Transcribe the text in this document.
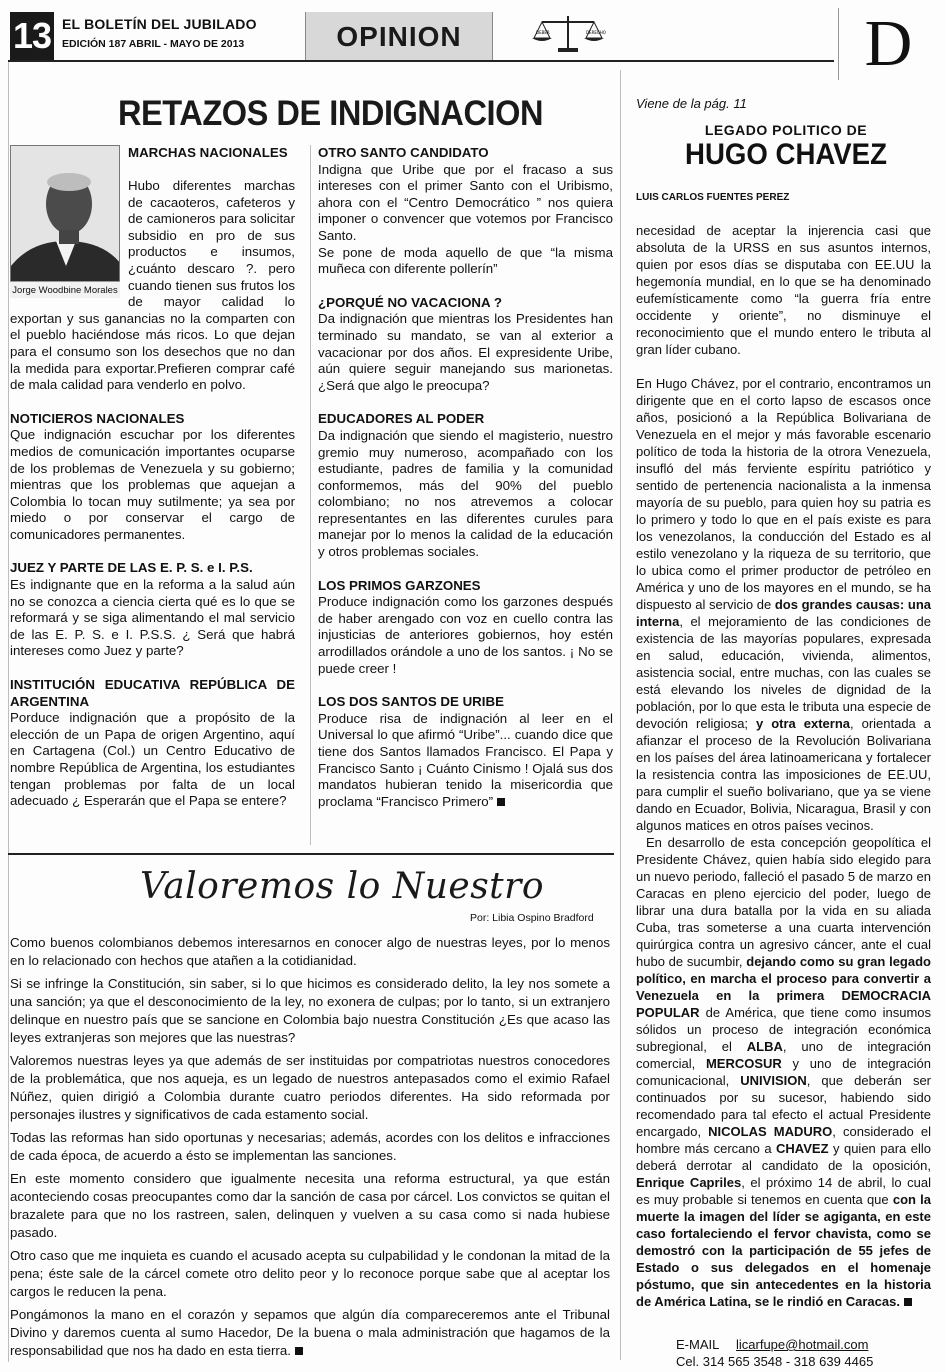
13 EL BOLETÍN DEL JUBILADO
EDICIÓN 187 ABRIL - MAYO DE 2013	OPINION	DEBER	DERECHO	D
RETAZOS DE INDIGNACION
Jorge Woodbine Morales
MARCHAS NACIONALES

Hubo diferentes marchas de cacaoteros, cafeteros y de camioneros para solicitar subsidio en pro de sus productos e insumos, ¿cuánto descaro ?. pero cuando tienen sus frutos los de mayor calidad lo exportan y sus ganancias no la comparten con el pueblo haciéndose más ricos. Lo que dejan para el consumo son los desechos que no dan la medida para exportar.Prefieren comprar café de mala calidad para venderlo en polvo.

NOTICIEROS NACIONALES

Que indignación escuchar por los diferentes medios de comunicación importantes ocuparse de los problemas de Venezuela y su gobierno; mientras que los problemas que aquejan a Colombia lo tocan muy sutilmente; ya sea por miedo o por conservar el cargo de comunicadores permanentes.

JUEZ Y PARTE DE LAS E. P. S. e I. P.S.

Es indignante que en la reforma a la salud aún no se conozca a ciencia cierta qué es lo que se reformará y se siga alimentando el mal servicio de las E. P. S. e I. P.S.S. ¿ Será que habrá intereses como Juez y parte?

INSTITUCIÓN EDUCATIVA REPÚBLICA DE ARGENTINA

Porduce indignación que a propósito de la elección de un Papa de origen Argentino, aquí en Cartagena (Col.) un Centro Educativo de nombre República de Argentina, los estudiantes tengan problemas por falta de un local adecuado ¿ Esperarán que el Papa se entere?

OTRO SANTO CANDIDATO

Indigna que Uribe que por el fracaso a sus intereses con el primer Santo con el Uribismo, ahora con el “Centro Democrático ” nos quiera imponer o convencer que votemos por Francisco Santo.

Se pone de moda aquello de que “la misma muñeca con diferente pollerín”

¿PORQUÉ NO VACACIONA ?

Da indignación que mientras los Presidentes han terminado su mandato, se van al exterior a vacacionar por dos años. El expresidente Uribe, aún quiere seguir manejando sus marionetas. ¿Será que algo le preocupa?

EDUCADORES AL PODER

Da indignación que siendo el magisterio, nuestro gremio muy numeroso, acompañado con los estudiante, padres de familia y la comunidad conformemos, más del 90% del pueblo colombiano; no nos atrevemos a colocar representantes en las diferentes curules para manejar por lo menos la calidad de la educación y otros problemas sociales.

LOS PRIMOS GARZONES

Produce indignación como los garzones después de haber arengado con voz en cuello contra las injusticias de anteriores gobiernos, hoy estén arrodillados orándole a uno de los santos. ¡ No se puede creer !

LOS DOS SANTOS DE URIBE

Produce risa de indignación al leer en el Universal lo que afirmó “Uribe”... cuando dice que tiene dos Santos llamados Francisco. El Papa y Francisco Santo ¡ Cuánto Cinismo ! Ojalá sus dos mandatos hubieran tenido la misericordia que proclama “Francisco Primero”

Valoremos lo Nuestro
Por: Libia Ospino Bradford

Como buenos colombianos debemos interesarnos en conocer algo de nuestras leyes, por lo menos en lo relacionado con hechos que atañen a la cotidianidad.

Si se infringe la Constitución, sin saber, si lo que hicimos es considerado delito, la ley nos somete a una sanción; ya que el desconocimiento de la ley, no exonera de culpas; por lo tanto, si un extranjero delinque en nuestro país que se sancione en Colombia bajo nuestra Constitución ¿Es que acaso las leyes extranjeras son mejores que las nuestras?

Valoremos nuestras leyes ya que además de ser instituidas por compatriotas nuestros conocedores de la problemática, que nos aqueja, es un legado de nuestros antepasados como el eximio Rafael Núñez, quien dirigió a Colombia durante cuatro periodos diferentes. Ha sido reformada por personajes ilustres y significativos de cada estamento social.

Todas las reformas han sido oportunas y necesarias; además, acordes con los delitos e infracciones de cada época, de acuerdo a ésto se implementan las sanciones.

En este momento considero que igualmente necesita una reforma estructural, ya que están aconteciendo cosas preocupantes como dar la sanción de casa por cárcel. Los convictos se quitan el brazalete para que no los rastreen, salen, delinquen y vuelven a su casa como si nada hubiese pasado.

Otro caso que me inquieta es cuando el acusado acepta su culpabilidad y le condonan la mitad de la pena; éste sale de la cárcel comete otro delito peor y lo reconoce porque sabe que al aceptar los cargos le reducen la pena.

Pongámonos la mano en el corazón y sepamos que algún día compareceremos ante el Tribunal Divino y daremos cuenta al sumo Hacedor, De la buena o mala administración que hagamos de la responsabilidad que nos ha dado en esta tierra.

Viene de la pág. 11
LEGADO POLITICO DE
HUGO CHAVEZ
LUIS CARLOS FUENTES PEREZ

necesidad de aceptar la injerencia casi que absoluta de la URSS en sus asuntos internos, quien por esos días se disputaba con EE.UU la hegemonía mundial, en lo que se ha denominado eufemísticamente como “la guerra fría entre occidente y oriente”, no disminuye el reconocimiento que el mundo entero le tributa al gran líder cubano.

En Hugo Chávez, por el contrario, encontramos un dirigente que en el corto lapso de escasos once años, posicionó a la República Bolivariana de Venezuela en el mejor y más favorable escenario político de toda la historia de la otrora Venezuela, insufló del más ferviente espíritu patriótico y sentido de pertenencia nacionalista a la inmensa mayoría de su pueblo, para quien hoy su patria es lo primero y todo lo que en el país existe es para los venezolanos, la conducción del Estado es al estilo venezolano y la riqueza de su territorio, que lo ubica como el primer productor de petróleo en América y uno de los mayores en el mundo, se ha dispuesto al servicio de dos grandes causas: una interna, el mejoramiento de las condiciones de existencia de las mayorías populares, expresada en salud, educación, vivienda, alimentos, asistencia social, entre muchas, con las cuales se está elevando los niveles de dignidad de la población, por lo que esta le tributa una especie de devoción religiosa; y otra externa, orientada a afianzar el proceso de la Revolución Bolivariana en los países del área latinoamericana y fortalecer la resistencia contra las imposiciones de EE.UU, para cumplir el sueño bolivariano, que ya se viene dando en Ecuador, Bolivia, Nicaragua, Brasil y con algunos matices en otros países vecinos.

En desarrollo de esta concepción geopolítica el Presidente Chávez, quien había sido elegido para un nuevo periodo, falleció el pasado 5 de marzo en Caracas en pleno ejercicio del poder, luego de librar una dura batalla por la vida en su aliada Cuba, tras someterse a una cuarta intervención quirúrgica contra un agresivo cáncer, ante el cual hubo de sucumbir, dejando como su gran legado político, en marcha el proceso para convertir a Venezuela en la primera DEMOCRACIA POPULAR de América, que tiene como insumos sólidos un proceso de integración económica subregional, el ALBA, uno de integración comercial, MERCOSUR y uno de integración comunicacional, UNIVISION, que deberán ser continuados por su sucesor, habiendo sido recomendado para tal efecto el actual Presidente encargado, NICOLAS MADURO, considerado el hombre más cercano a CHAVEZ y quien para ello deberá derrotar al candidato de la oposición, Enrique Capriles, el próximo 14 de abril, lo cual es muy probable si tenemos en cuenta que con la muerte la imagen del líder se agiganta, en este caso fortaleciendo el fervor chavista, como se demostró con la participación de 55 jefes de Estado o sus delegados en el homenaje póstumo, que sin antecedentes en la historia de América Latina, se le rindió en Caracas.

E-MAIL licarfupe@hotmail.com
Cel. 314 565 3548 - 318 639 4465
